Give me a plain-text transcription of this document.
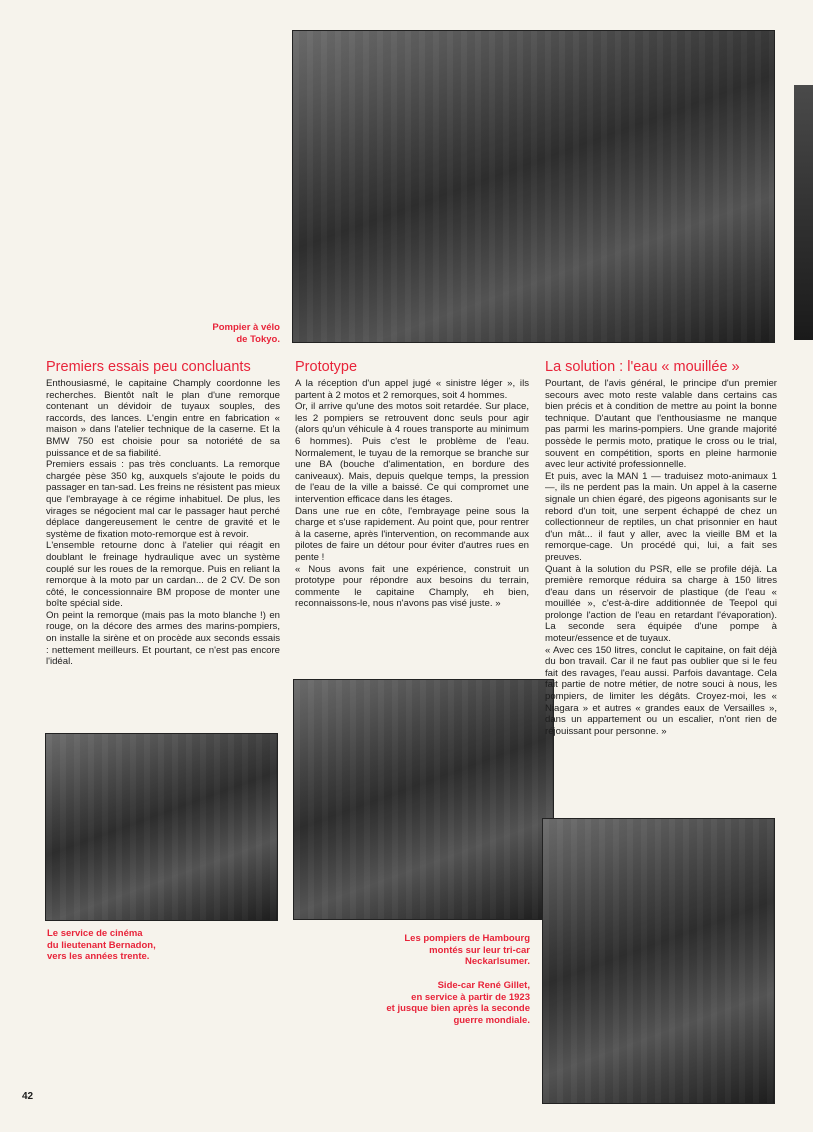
Pompier à vélo
de Tokyo.
Le service de cinéma
du lieutenant Bernadon,
vers les années trente.
Les pompiers de Hambourg
montés sur leur tri-car
Neckarlsumer.
Side-car René Gillet,
en service à partir de 1923
et jusque bien après la seconde
guerre mondiale.
Premiers essais peu concluants

Enthousiasmé, le capitaine Champly coordonne les recherches. Bientôt naît le plan d'une remorque contenant un dévidoir de tuyaux souples, des raccords, des lances. L'engin entre en fabrication « maison » dans l'atelier technique de la caserne. Et la BMW 750 est choisie pour sa notoriété de sa puissance et de sa fiabilité.

Premiers essais : pas très concluants. La remorque chargée pèse 350 kg, auxquels s'ajoute le poids du passager en tan-sad. Les freins ne résistent pas mieux que l'embrayage à ce régime inhabituel. De plus, les virages se négocient mal car le passager haut perché déplace dangereusement le centre de gravité et le système de fixation moto-remorque est à revoir.

L'ensemble retourne donc à l'atelier qui réagit en doublant le freinage hydraulique avec un système couplé sur les roues de la remorque. Puis en reliant la remorque à la moto par un cardan... de 2 CV. De son côté, le concessionnaire BM propose de monter une boîte spécial side.

On peint la remorque (mais pas la moto blanche !) en rouge, on la décore des armes des marins-pompiers, on installe la sirène et on procède aux seconds essais : nettement meilleurs. Et pourtant, ce n'est pas encore l'idéal.

Prototype

A la réception d'un appel jugé « sinistre léger », ils partent à 2 motos et 2 remorques, soit 4 hommes.

Or, il arrive qu'une des motos soit retardée. Sur place, les 2 pompiers se retrouvent donc seuls pour agir (alors qu'un véhicule à 4 roues transporte au minimum 6 hommes). Puis c'est le problème de l'eau. Normalement, le tuyau de la remorque se branche sur une BA (bouche d'alimentation, en bordure des caniveaux). Mais, depuis quelque temps, la pression de l'eau de la ville a baissé. Ce qui compromet une intervention efficace dans les étages.

Dans une rue en côte, l'embrayage peine sous la charge et s'use rapidement. Au point que, pour rentrer à la caserne, après l'intervention, on recommande aux pilotes de faire un détour pour éviter d'autres rues en pente !

« Nous avons fait une expérience, construit un prototype pour répondre aux besoins du terrain, commente le capitaine Champly, eh bien, reconnaissons-le, nous n'avons pas visé juste. »

La solution : l'eau « mouillée »

Pourtant, de l'avis général, le principe d'un premier secours avec moto reste valable dans certains cas bien précis et à condition de mettre au point la bonne technique. D'autant que l'enthousiasme ne manque pas parmi les marins-pompiers. Une grande majorité possède le permis moto, pratique le cross ou le trial, souvent en compétition, sports en pleine harmonie avec leur activité professionnelle.

Et puis, avec la MAN 1 — traduisez moto-animaux 1 —, ils ne perdent pas la main. Un appel à la caserne signale un chien égaré, des pigeons agonisants sur le rebord d'un toit, une serpent échappé de chez un collectionneur de reptiles, un chat prisonnier en haut d'un mât... il faut y aller, avec la vieille BM et la remorque-cage. Un procédé qui, lui, a fait ses preuves.

Quant à la solution du PSR, elle se profile déjà. La première remorque réduira sa charge à 150 litres d'eau dans un réservoir de plastique (de l'eau « mouillée », c'est-à-dire additionnée de Teepol qui prolonge l'action de l'eau en retardant l'évaporation). La seconde sera équipée d'une pompe à moteur/essence et de tuyaux.

« Avec ces 150 litres, conclut le capitaine, on fait déjà du bon travail. Car il ne faut pas oublier que si le feu fait des ravages, l'eau aussi. Parfois davantage. Cela fait partie de notre métier, de notre souci à nous, les pompiers, de limiter les dégâts. Croyez-moi, les « Niagara » et autres « grandes eaux de Versailles », dans un appartement ou un escalier, n'ont rien de réjouissant pour personne. »

42
